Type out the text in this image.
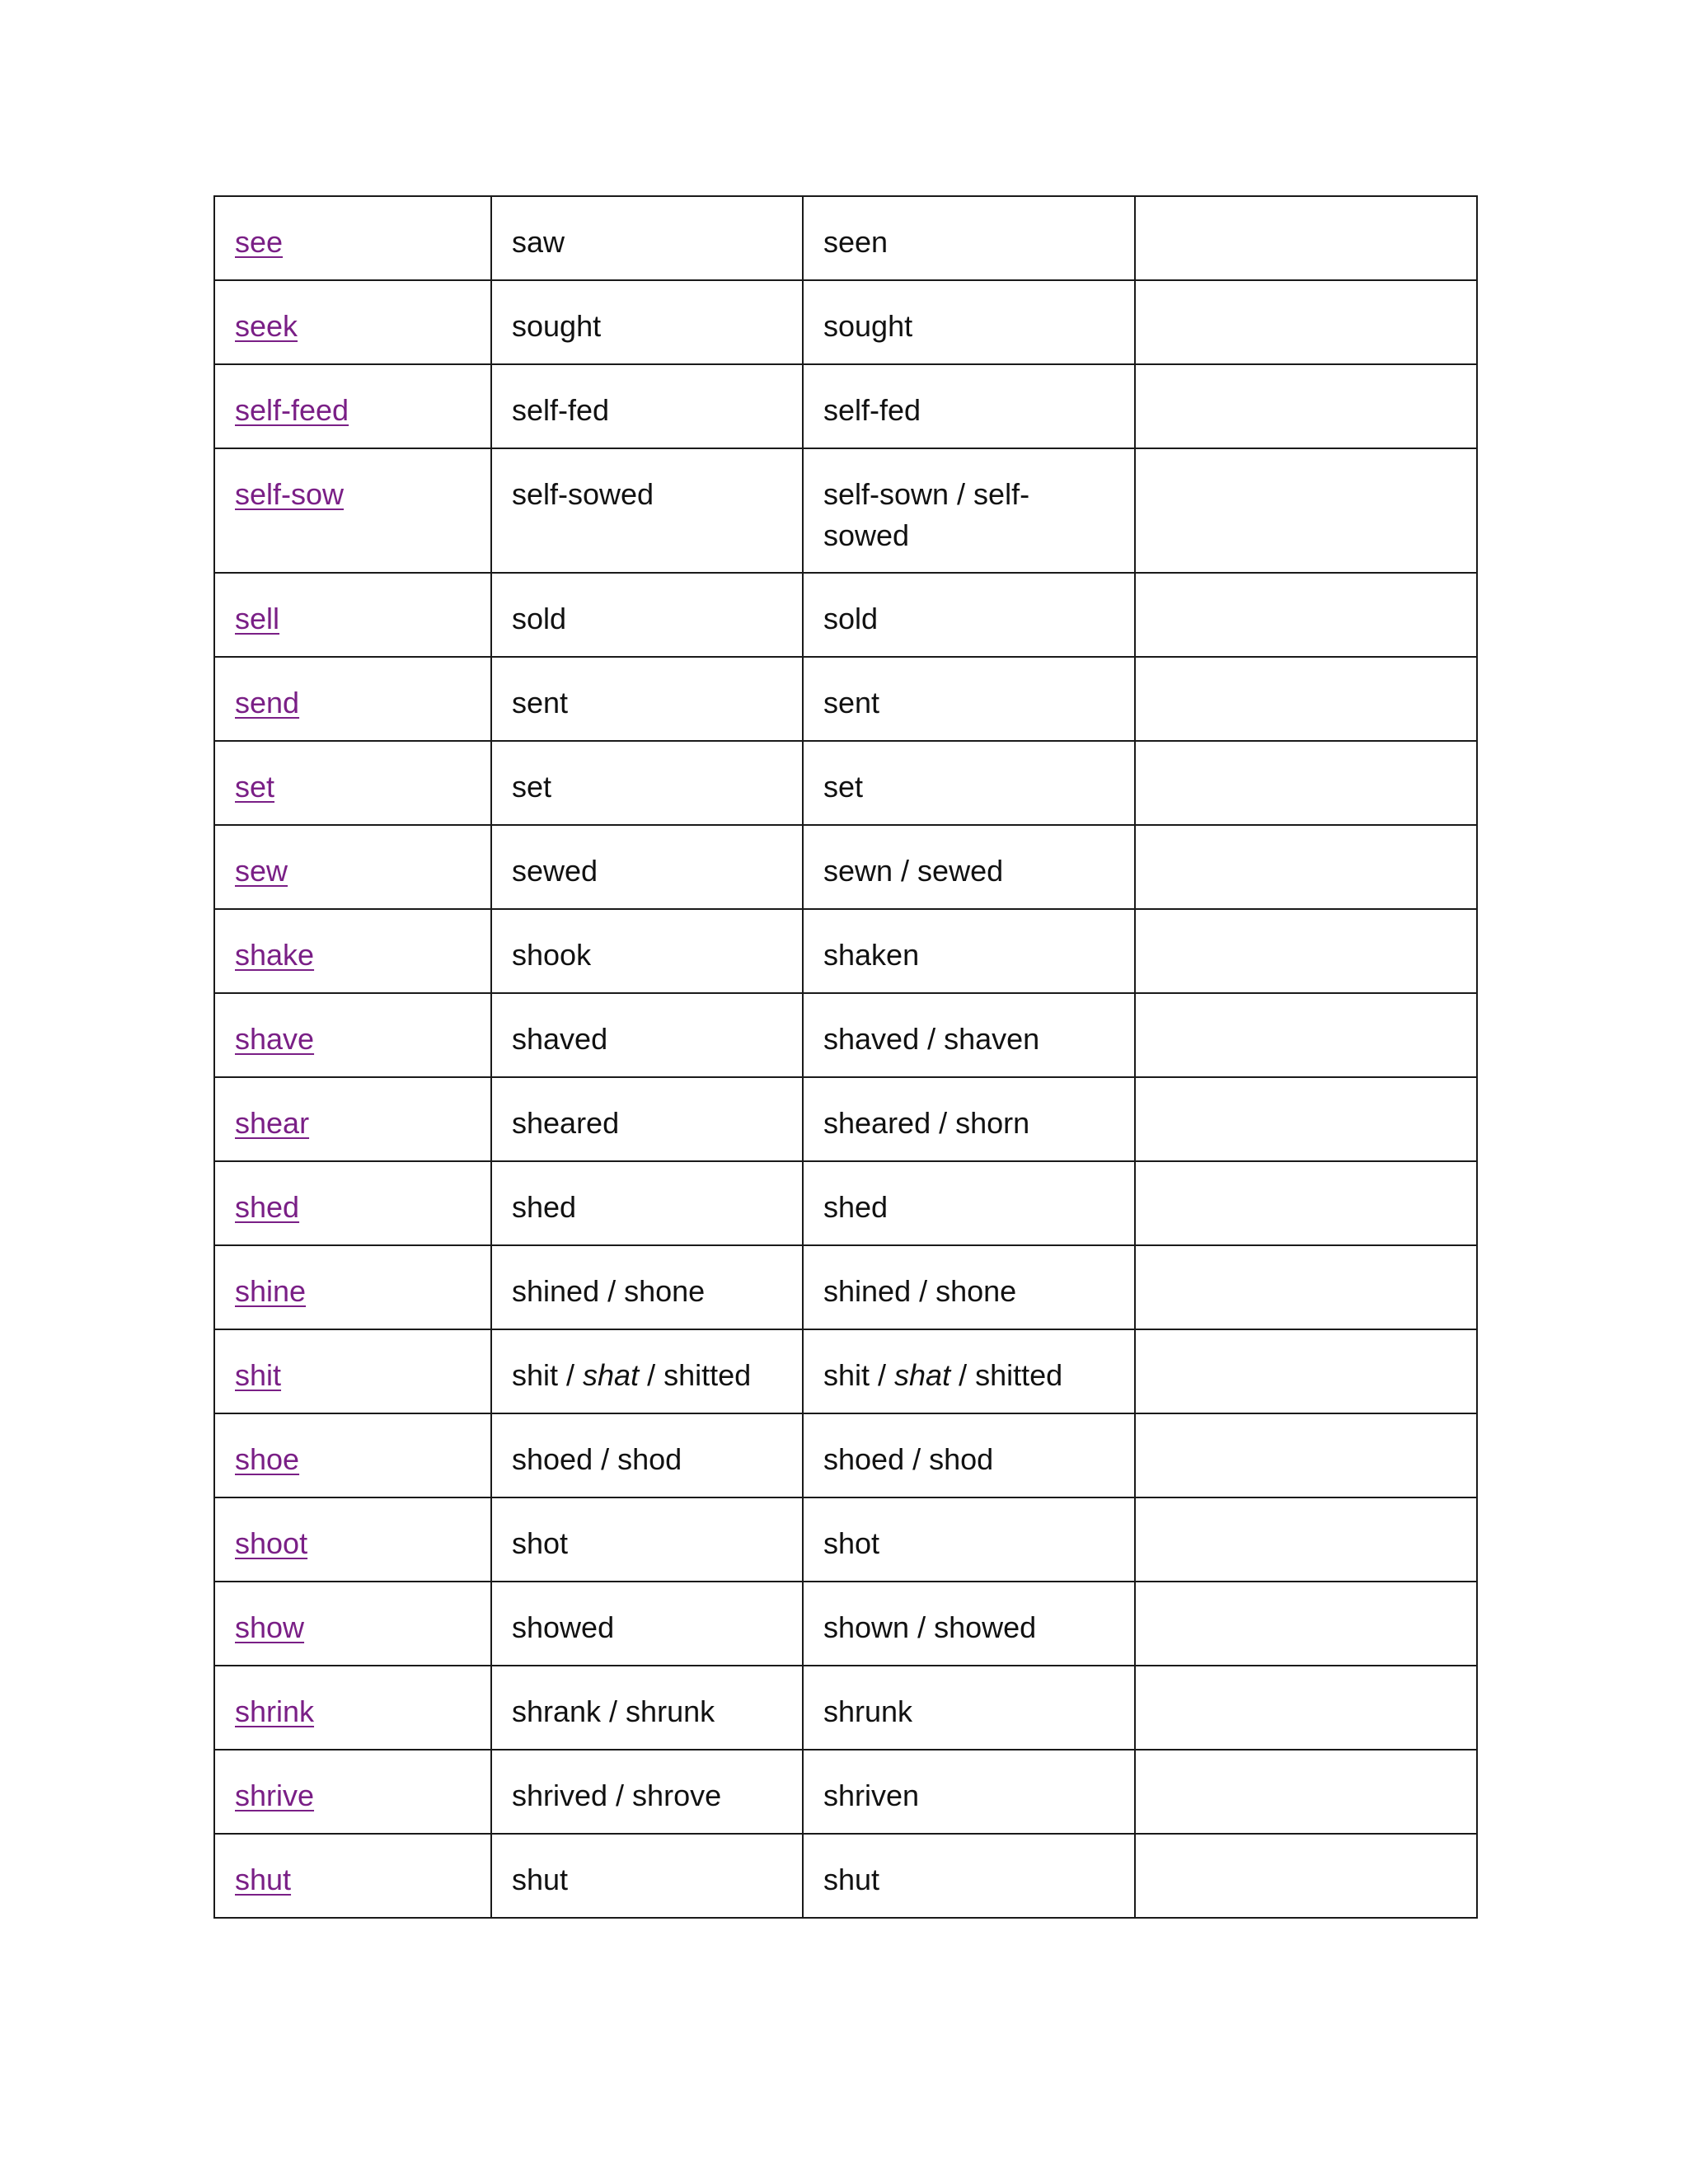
see	saw	seen	
seek	sought	sought	
self-feed	self-fed	self-fed	
self-sow	self-sowed	self-sown / self-sowed	
sell	sold	sold	
send	sent	sent	
set	set	set	
sew	sewed	sewn / sewed	
shake	shook	shaken	
shave	shaved	shaved / shaven	
shear	sheared	sheared / shorn	
shed	shed	shed	
shine	shined / shone	shined / shone	
shit	shit / shat / shitted	shit / shat / shitted	
shoe	shoed / shod	shoed / shod	
shoot	shot	shot	
show	showed	shown / showed	
shrink	shrank / shrunk	shrunk	
shrive	shrived / shrove	shriven	
shut	shut	shut	
